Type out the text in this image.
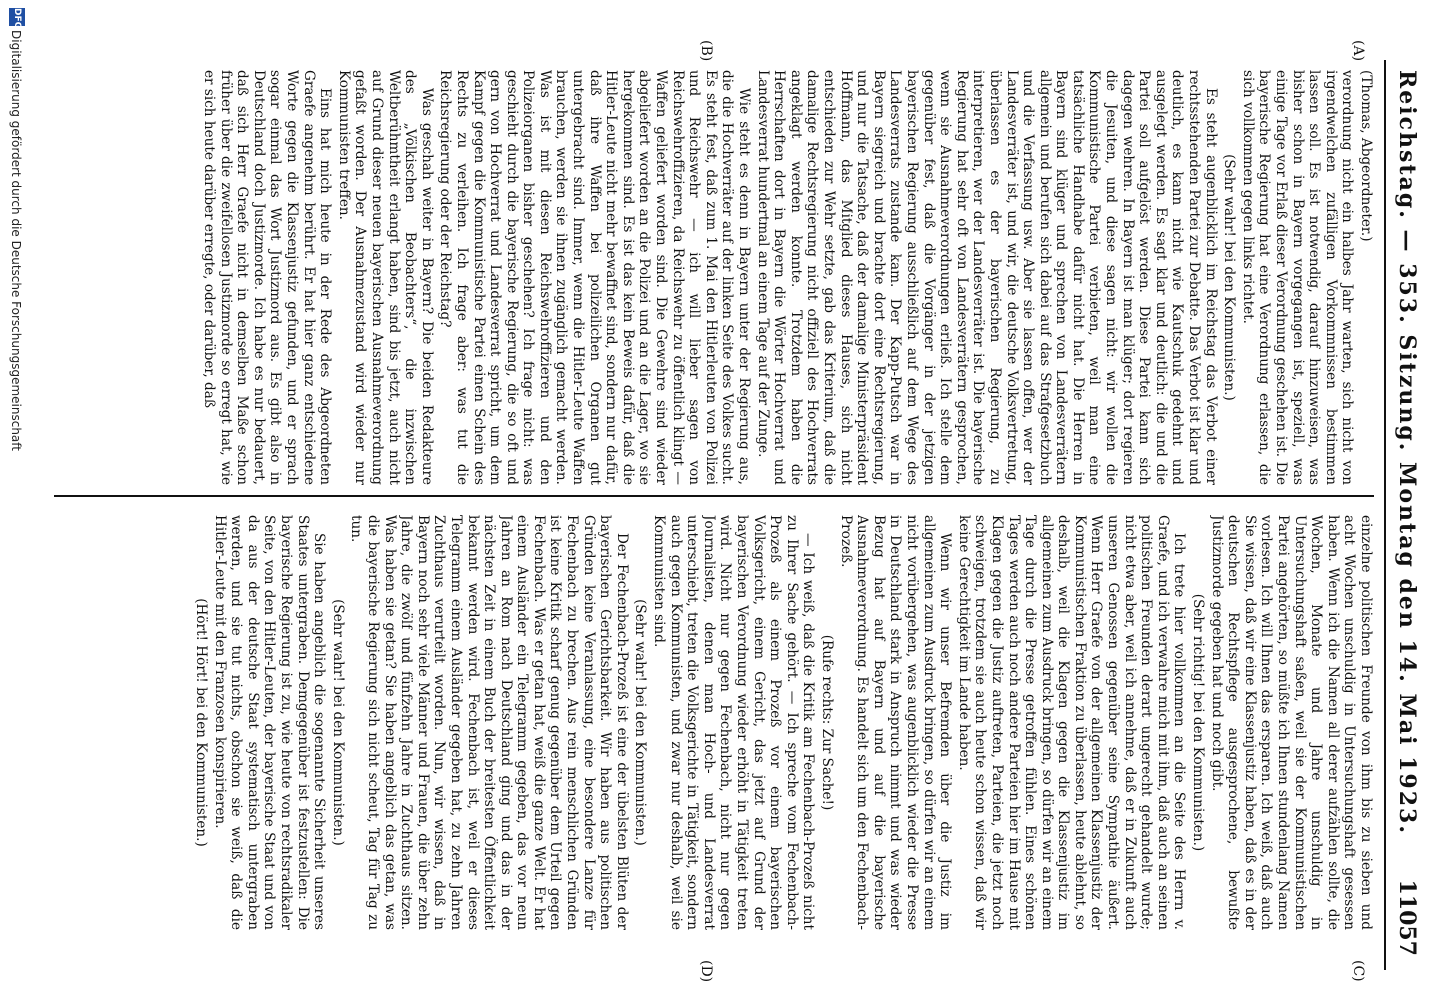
Reichstag. — 353. Sitzung. Montag den 14. Mai 1923.
11057
(A)
(B)
(C)
(D)

(Thomas, Abgeordneter.)

verordnung nicht ein halbes Jahr warten, sich nicht von irgendwelchen zufälligen Vorkommnissen bestimmen lassen soll. Es ist notwendig, darauf hinzuweisen, was bisher schon in Bayern vorgegangen ist, speziell, was einige Tage vor Erlaß dieser Verordnung geschehen ist. Die bayerische Regierung hat eine Verordnung erlassen, die sich vollkommen gegen links richtet.

(Sehr wahr! bei den Kommunisten.)

Es steht augenblicklich im Reichstag das Verbot einer rechtsstehenden Partei zur Debatte. Das Verbot ist klar und deutlich, es kann nicht wie Kautschuk gedehnt und ausgelegt werden. Es sagt klar und deutlich: die und die Partei soll aufgelöst werden. Diese Partei kann sich dagegen wehren. In Bayern ist man klüger; dort regieren die Jesuiten, und diese sagen nicht: wir wollen die Kommunistische Partei verbieten, weil man eine tatsächliche Handhabe dafür nicht hat. Die Herren in Bayern sind klüger und sprechen von Landesverrätern allgemein und berufen sich dabei auf das Strafgesetzbuch und die Verfassung usw. Aber sie lassen offen, wer der Landesverräter ist, und wir, die deutsche Volksvertretung, überlassen es der bayerischen Regierung, zu interpretieren, wer der Landesverräter ist. Die bayerische Regierung hat sehr oft von Landesverrätern gesprochen, wenn sie Ausnahmeverordnungen erließ. Ich stelle dem gegenüber fest, daß die Vorgänger in der jetzigen bayerischen Regierung ausschließlich auf dem Wege des Landesverrats zustande kam. Der Kapp-Putsch war in Bayern siegreich und brachte dort eine Rechtsregierung, und nur die Tatsache, daß der damalige Ministerpräsident Hoffmann, das Mitglied dieses Hauses, sich nicht entschieden zur Wehr setzte, gab das Kriterium, daß die damalige Rechtsregierung nicht offiziell des Hochverrats angeklagt werden konnte. Trotzdem haben die Herrschaften dort in Bayern die Wörter Hochverrat und Landesverrat hundertmal an einem Tage auf der Zunge.

Wie steht es denn in Bayern unter der Regierung aus, die die Hochverräter auf der linken Seite des Volkes sucht. Es steht fest, daß zum 1. Mai den Hitlerleuten von Polizei und Reichswehr — ich will lieber sagen von Reichswehroffizieren, da Reichswehr zu öffentlich klingt — Waffen geliefert worden sind. Die Gewehre sind wieder abgeliefert worden an die Polizei und an die Lager, wo sie hergekommen sind. Es ist das kein Beweis dafür, daß die Hitler-Leute nicht mehr bewaffnet sind, sondern nur dafür, daß ihre Waffen bei polizeilichen Organen gut untergebracht sind. Immer, wenn die Hitler-Leute Waffen brauchen, werden sie ihnen zugänglich gemacht werden. Was ist mit diesen Reichswehroffizieren und den Polizeiorganen bisher geschehen? Ich frage nicht: was geschieht durch die bayerische Regierung, die so oft und gern von Hochverrat und Landesverrat spricht, um dem Kampf gegen die Kommunistische Partei einen Schein des Rechts zu verleihen. Ich frage aber: was tut die Reichsregierung oder der Reichstag?

Was geschah weiter in Bayern? Die beiden Redakteure des „Völkischen Beobachters“, die inzwischen Weltberühmtheit erlangt haben, sind bis jetzt, auch nicht auf Grund dieser neuen bayerischen Ausnahmeverordnung gefaßt worden. Der Ausnahmezustand wird wieder nur Kommunisten treffen.

Eins hat mich heute in der Rede des Abgeordneten Graefe angenehm berührt. Er hat hier ganz entschiedene Worte gegen die Klassenjustiz gefunden, und er sprach sogar einmal das Wort Justizmord aus. Es gibt also in Deutschland doch Justizmorde. Ich habe es nur bedauert, daß sich Herr Graefe nicht in demselben Maße schon früher über die zweifellosen Justizmorde so erregt hat, wie er sich heute darüber erregte, oder darüber, daß

einzelne politischen Freunde von ihm bis zu sieben und acht Wochen unschuldig in Untersuchungshaft gesessen haben. Wenn ich die Namen all derer aufzählen sollte, die Wochen, Monate und Jahre unschuldig in Untersuchungshaft saßen, weil sie der Kommunistischen Partei angehörten, so müßte ich Ihnen stundenlang Namen vorlesen. Ich will Ihnen das ersparen. Ich weiß, daß auch Sie wissen, daß wir eine Klassenjustiz haben, daß es in der deutschen Rechtspflege ausgesprochene, bewußte Justizmorde gegeben hat und noch gibt.

(Sehr richtig! bei den Kommunisten.)

Ich trete hier vollkommen an die Seite des Herrn v. Graefe, und ich verwahre mich mit ihm, daß auch an seinen politischen Freunden derart ungerecht gehandelt wurde; nicht etwa aber, weil ich annehme, daß er in Zukunft auch unseren Genossen gegenüber seine Sympathie äußert. Wenn Herr Graefe von der allgemeinen Klassenjustiz der Kommunistischen Fraktion zu überlassen, heute ablehnt, so deshalb, weil die Klagen gegen die Klassenjustiz im allgemeinen zum Ausdruck bringen, so dürfen wir an einem Tage durch die Presse getroffen fühlen. Eines schönen Tages werden auch noch andere Parteien hier im Hause mit Klagen gegen die Justiz auftreten, Parteien, die jetzt noch schweigen, trotzdem sie auch heute schon wissen, daß wir keine Gerechtigkeit im Lande haben.

Wenn wir unser Befremden über die Justiz im allgemeinen zum Ausdruck bringen, so dürfen wir an einem nicht vorübergehen, was augenblicklich wieder die Presse in Deutschland stark in Anspruch nimmt und was wieder Bezug hat auf Bayern und auf die bayerische Ausnahmeverordnung. Es handelt sich um den Fechenbach-Prozeß.

(Rufe rechts: Zur Sache!)

— Ich weiß, daß die Kritik am Fechenbach-Prozeß nicht zu Ihrer Sache gehört. — Ich spreche vom Fechenbach-Prozeß als einem Prozeß vor einem bayerischen Volksgericht, einem Gericht, das jetzt auf Grund der bayerischen Verordnung wieder erhöht in Tätigkeit treten wird. Nicht nur gegen Fechenbach, nicht nur gegen Journalisten, denen man Hoch- und Landesverrat unterschiebt, treten die Volksgerichte in Tätigkeit, sondern auch gegen Kommunisten, und zwar nur deshalb, weil sie Kommunisten sind.

(Sehr wahr! bei den Kommunisten.)

Der Fechenbach-Prozeß ist eine der übelsten Blüten der bayerischen Gerichtsbarkeit. Wir haben aus politischen Gründen keine Veranlassung, eine besondere Lanze für Fechenbach zu brechen. Aus rein menschlichen Gründen ist keine Kritik scharf genug gegenüber dem Urteil gegen Fechenbach. Was er getan hat, weiß die ganze Welt. Er hat einem Ausländer ein Telegramm gegeben, das vor neun Jahren an Rom nach Deutschland ging und das in der nächsten Zeit in einem Buch der breitesten Öffentlichkeit bekannt werden wird. Fechenbach ist, weil er dieses Telegramm einem Ausländer gegeben hat, zu zehn Jahren Zuchthaus verurteilt worden. Nun, wir wissen, daß in Bayern noch sehr viele Männer und Frauen, die über zehn Jahre, die zwölf und fünfzehn Jahre in Zuchthaus sitzen. Was haben sie getan? Sie haben angeblich das getan, was die bayerische Regierung sich nicht scheut, Tag für Tag zu tun.

(Sehr wahr! bei den Kommunisten.)

Sie haben angeblich die sogenannte Sicherheit unseres Staates untergraben. Demgegenüber ist festzustellen: Die bayerische Regierung ist zu, wie heute von rechtsradikaler Seite, von den Hitler-Leuten, der bayerische Staat und von da aus der deutsche Staat systematisch untergraben werden, und sie tut nichts, obschon sie weiß, daß die Hitler-Leute mit den Franzosen konspirieren.

(Hört! Hört! bei den Kommunisten.)

DFG
Digitalisierung gefördert durch die Deutsche Forschungsgemeinschaft
